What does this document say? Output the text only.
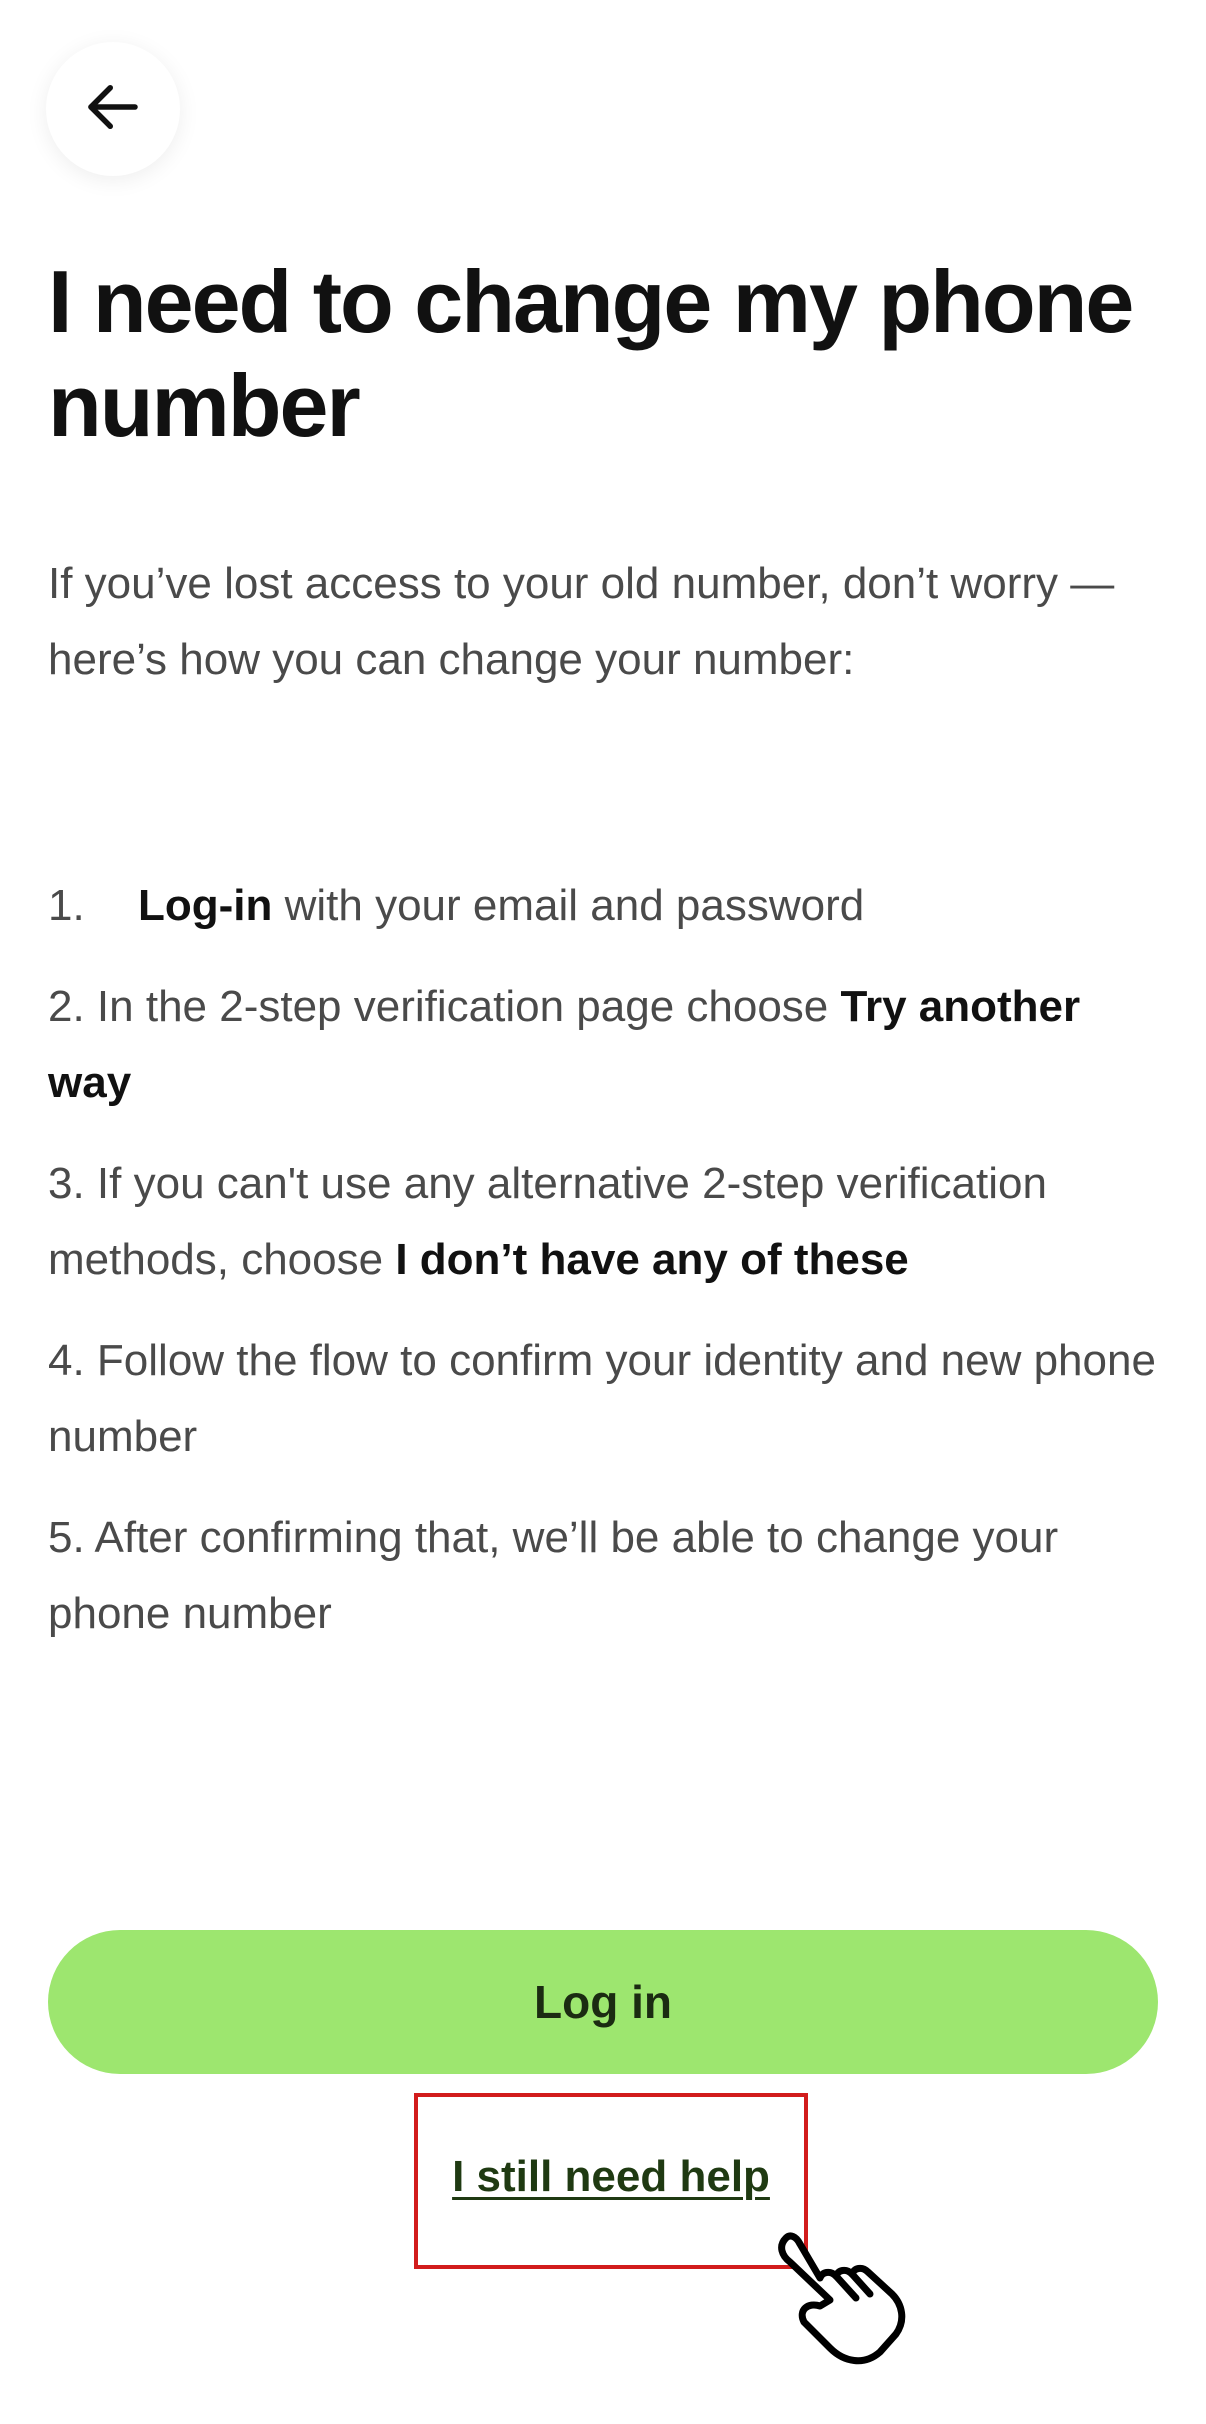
I need to change my phone number

If you’ve lost access to your old number, don’t worry — here’s how you can change your number:

1. Log-in with your email and password
2. In the 2-step verification page choose Try another way
3. If you can't use any alternative 2-step verification methods, choose I don’t have any of these
4. Follow the flow to confirm your identity and new phone number
5. After confirming that, we’ll be able to change your phone number
Log in
I still need help
